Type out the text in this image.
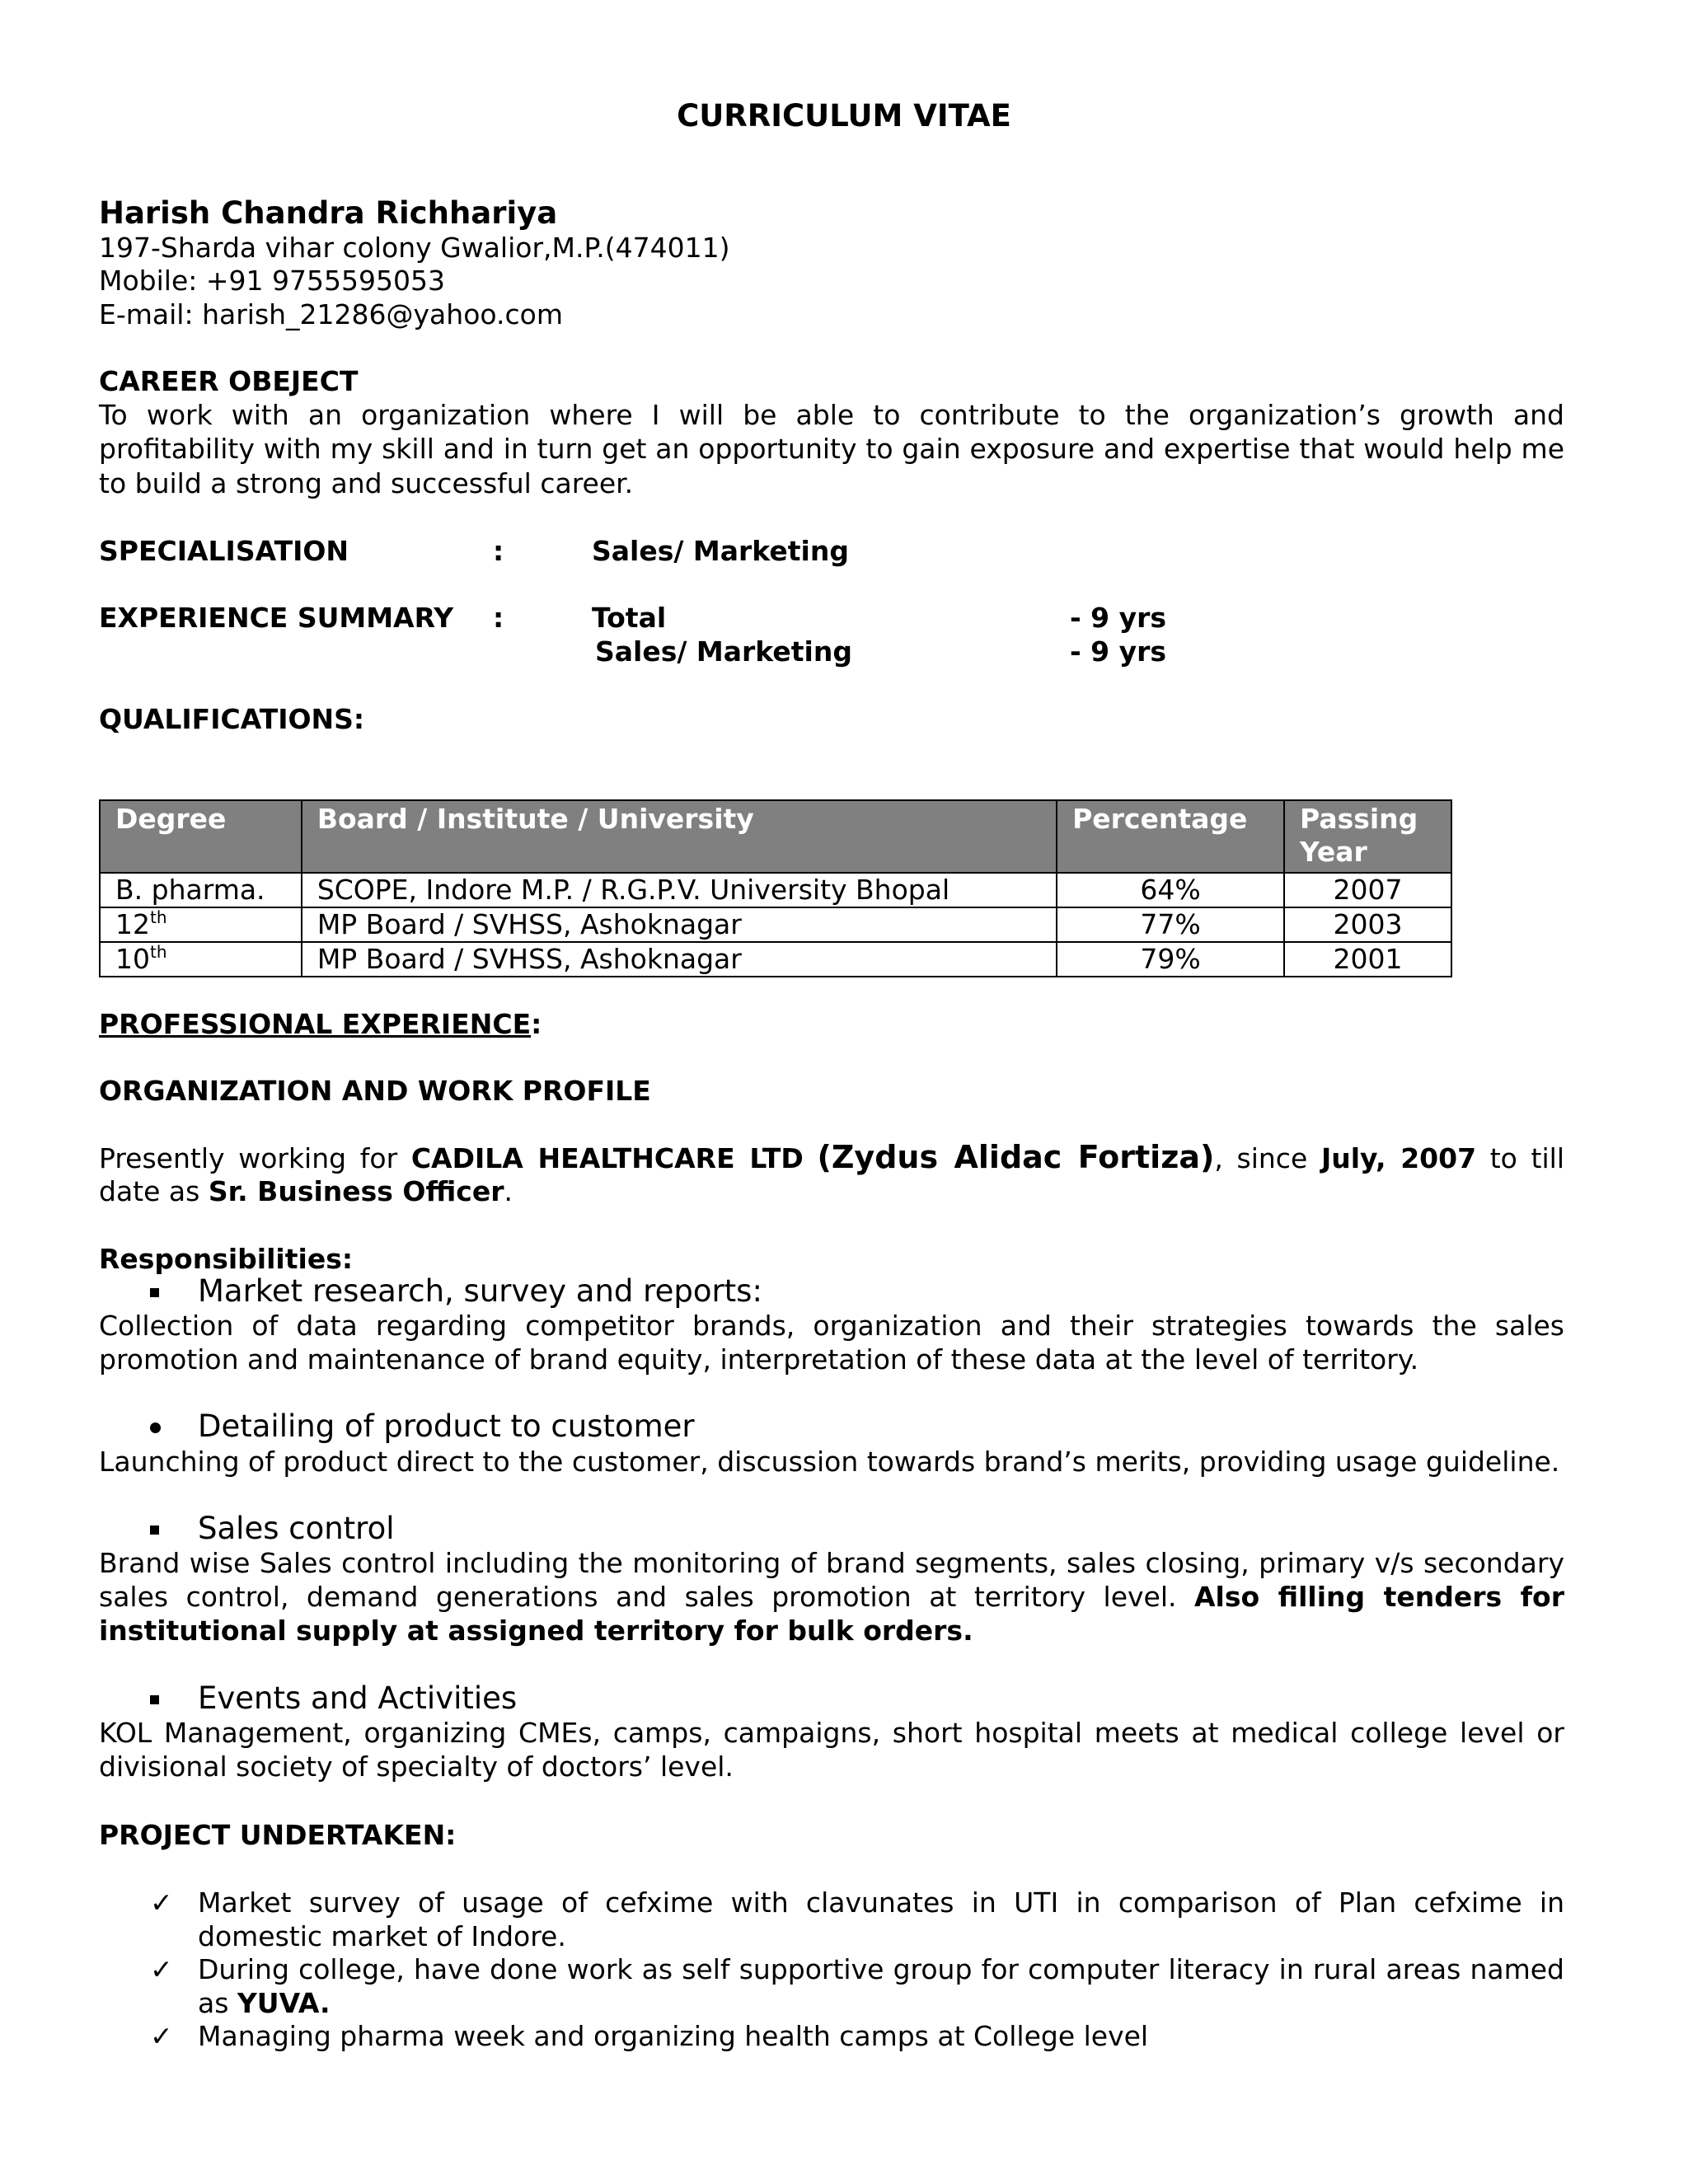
CURRICULUM VITAE
Harish Chandra Richhariya
197-Sharda vihar colony Gwalior,M.P.(474011)
Mobile: +91 9755595053
E-mail: harish_21286@yahoo.com
CAREER OBEJECT
To work with an organization where I will be able to contribute to the organization’s growth and
profitability with my skill and in turn get an opportunity to gain exposure and expertise that would help me
to build a strong and successful career.
SPECIALISATION	:	Sales/ Marketing
EXPERIENCE SUMMARY :	Total	- 9 yrs
Sales/ Marketing	- 9 yrs
QUALIFICATIONS:
Degree	Board / Institute / University	Percentage	Passing
Year
B. pharma.	SCOPE, Indore M.P. / R.G.P.V. University Bhopal	64%	2007
12th	MP Board / SVHSS, Ashoknagar	77%	2003
10th	MP Board / SVHSS, Ashoknagar	79%	2001
PROFESSIONAL EXPERIENCE:
ORGANIZATION AND WORK PROFILE
Presently working for CADILA HEALTHCARE LTD (Zydus Alidac Fortiza), since July, 2007 to till
date as Sr. Business Officer.
Responsibilities:
Market research, survey and reports:
Collection of data regarding competitor brands, organization and their strategies towards the sales
promotion and maintenance of brand equity, interpretation of these data at the level of territory.
Detailing of product to customer
Launching of product direct to the customer, discussion towards brand’s merits, providing usage guideline.
Sales control
Brand wise Sales control including the monitoring of brand segments, sales closing, primary v/s secondary
sales control, demand generations and sales promotion at territory level. Also filling tenders for
institutional supply at assigned territory for bulk orders.
Events and Activities
KOL Management, organizing CMEs, camps, campaigns, short hospital meets at medical college level or
divisional society of specialty of doctors’ level.
PROJECT UNDERTAKEN:
✓ Market survey of usage of cefxime with clavunates in UTI in comparison of Plan cefxime in
domestic market of Indore.
✓ During college, have done work as self supportive group for computer literacy in rural areas named
as YUVA.
✓ Managing pharma week and organizing health camps at College level
